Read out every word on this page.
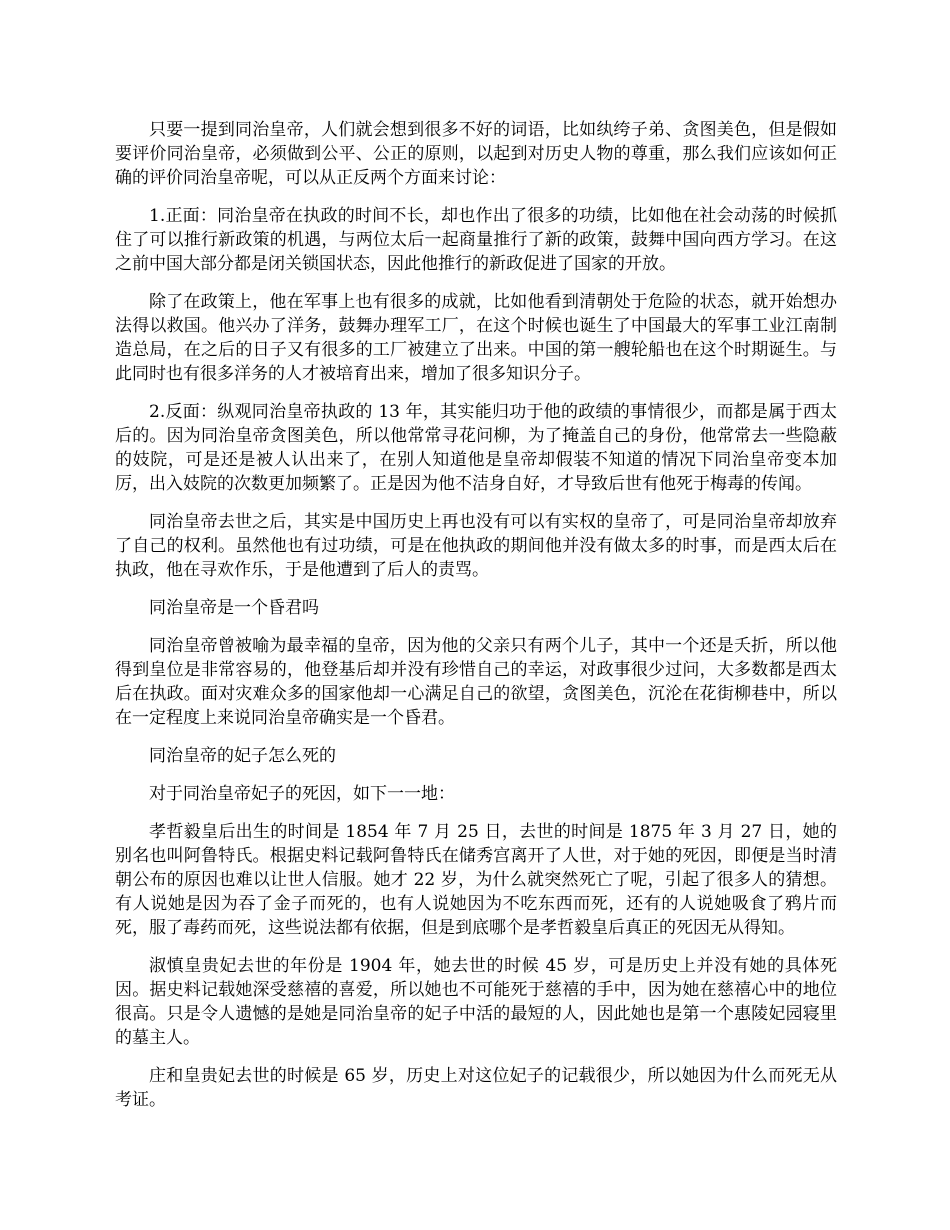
只要一提到同治皇帝，人们就会想到很多不好的词语，比如纨绔子弟、贪图美色，但是假如要评价同治皇帝，必须做到公平、公正的原则，以起到对历史人物的尊重，那么我们应该如何正确的评价同治皇帝呢，可以从正反两个方面来讨论：

1.正面：同治皇帝在执政的时间不长，却也作出了很多的功绩，比如他在社会动荡的时候抓住了可以推行新政策的机遇，与两位太后一起商量推行了新的政策，鼓舞中国向西方学习。在这之前中国大部分都是闭关锁国状态，因此他推行的新政促进了国家的开放。

除了在政策上，他在军事上也有很多的成就，比如他看到清朝处于危险的状态，就开始想办法得以救国。他兴办了洋务，鼓舞办理军工厂，在这个时候也诞生了中国最大的军事工业江南制造总局，在之后的日子又有很多的工厂被建立了出来。中国的第一艘轮船也在这个时期诞生。与此同时也有很多洋务的人才被培育出来，增加了很多知识分子。

2.反面：纵观同治皇帝执政的 13 年，其实能归功于他的政绩的事情很少，而都是属于西太后的。因为同治皇帝贪图美色，所以他常常寻花问柳，为了掩盖自己的身份，他常常去一些隐蔽的妓院，可是还是被人认出来了，在别人知道他是皇帝却假装不知道的情况下同治皇帝变本加厉，出入妓院的次数更加频繁了。正是因为他不洁身自好，才导致后世有他死于梅毒的传闻。

同治皇帝去世之后，其实是中国历史上再也没有可以有实权的皇帝了，可是同治皇帝却放弃了自己的权利。虽然他也有过功绩，可是在他执政的期间他并没有做太多的时事，而是西太后在执政，他在寻欢作乐，于是他遭到了后人的责骂。

同治皇帝是一个昏君吗

同治皇帝曾被喻为最幸福的皇帝，因为他的父亲只有两个儿子，其中一个还是夭折，所以他得到皇位是非常容易的，他登基后却并没有珍惜自己的幸运，对政事很少过问，大多数都是西太后在执政。面对灾难众多的国家他却一心满足自己的欲望，贪图美色，沉沦在花街柳巷中，所以在一定程度上来说同治皇帝确实是一个昏君。

同治皇帝的妃子怎么死的

对于同治皇帝妃子的死因，如下一一地：

孝哲毅皇后出生的时间是 1854 年 7 月 25 日，去世的时间是 1875 年 3 月 27 日，她的别名也叫阿鲁特氏。根据史料记载阿鲁特氏在储秀宫离开了人世，对于她的死因，即便是当时清朝公布的原因也难以让世人信服。她才 22 岁，为什么就突然死亡了呢，引起了很多人的猜想。有人说她是因为吞了金子而死的，也有人说她因为不吃东西而死，还有的人说她吸食了鸦片而死，服了毒药而死，这些说法都有依据，但是到底哪个是孝哲毅皇后真正的死因无从得知。

淑慎皇贵妃去世的年份是 1904 年，她去世的时候 45 岁，可是历史上并没有她的具体死因。据史料记载她深受慈禧的喜爱，所以她也不可能死于慈禧的手中，因为她在慈禧心中的地位很高。只是令人遗憾的是她是同治皇帝的妃子中活的最短的人，因此她也是第一个惠陵妃园寝里的墓主人。

庄和皇贵妃去世的时候是 65 岁，历史上对这位妃子的记载很少，所以她因为什么而死无从考证。
